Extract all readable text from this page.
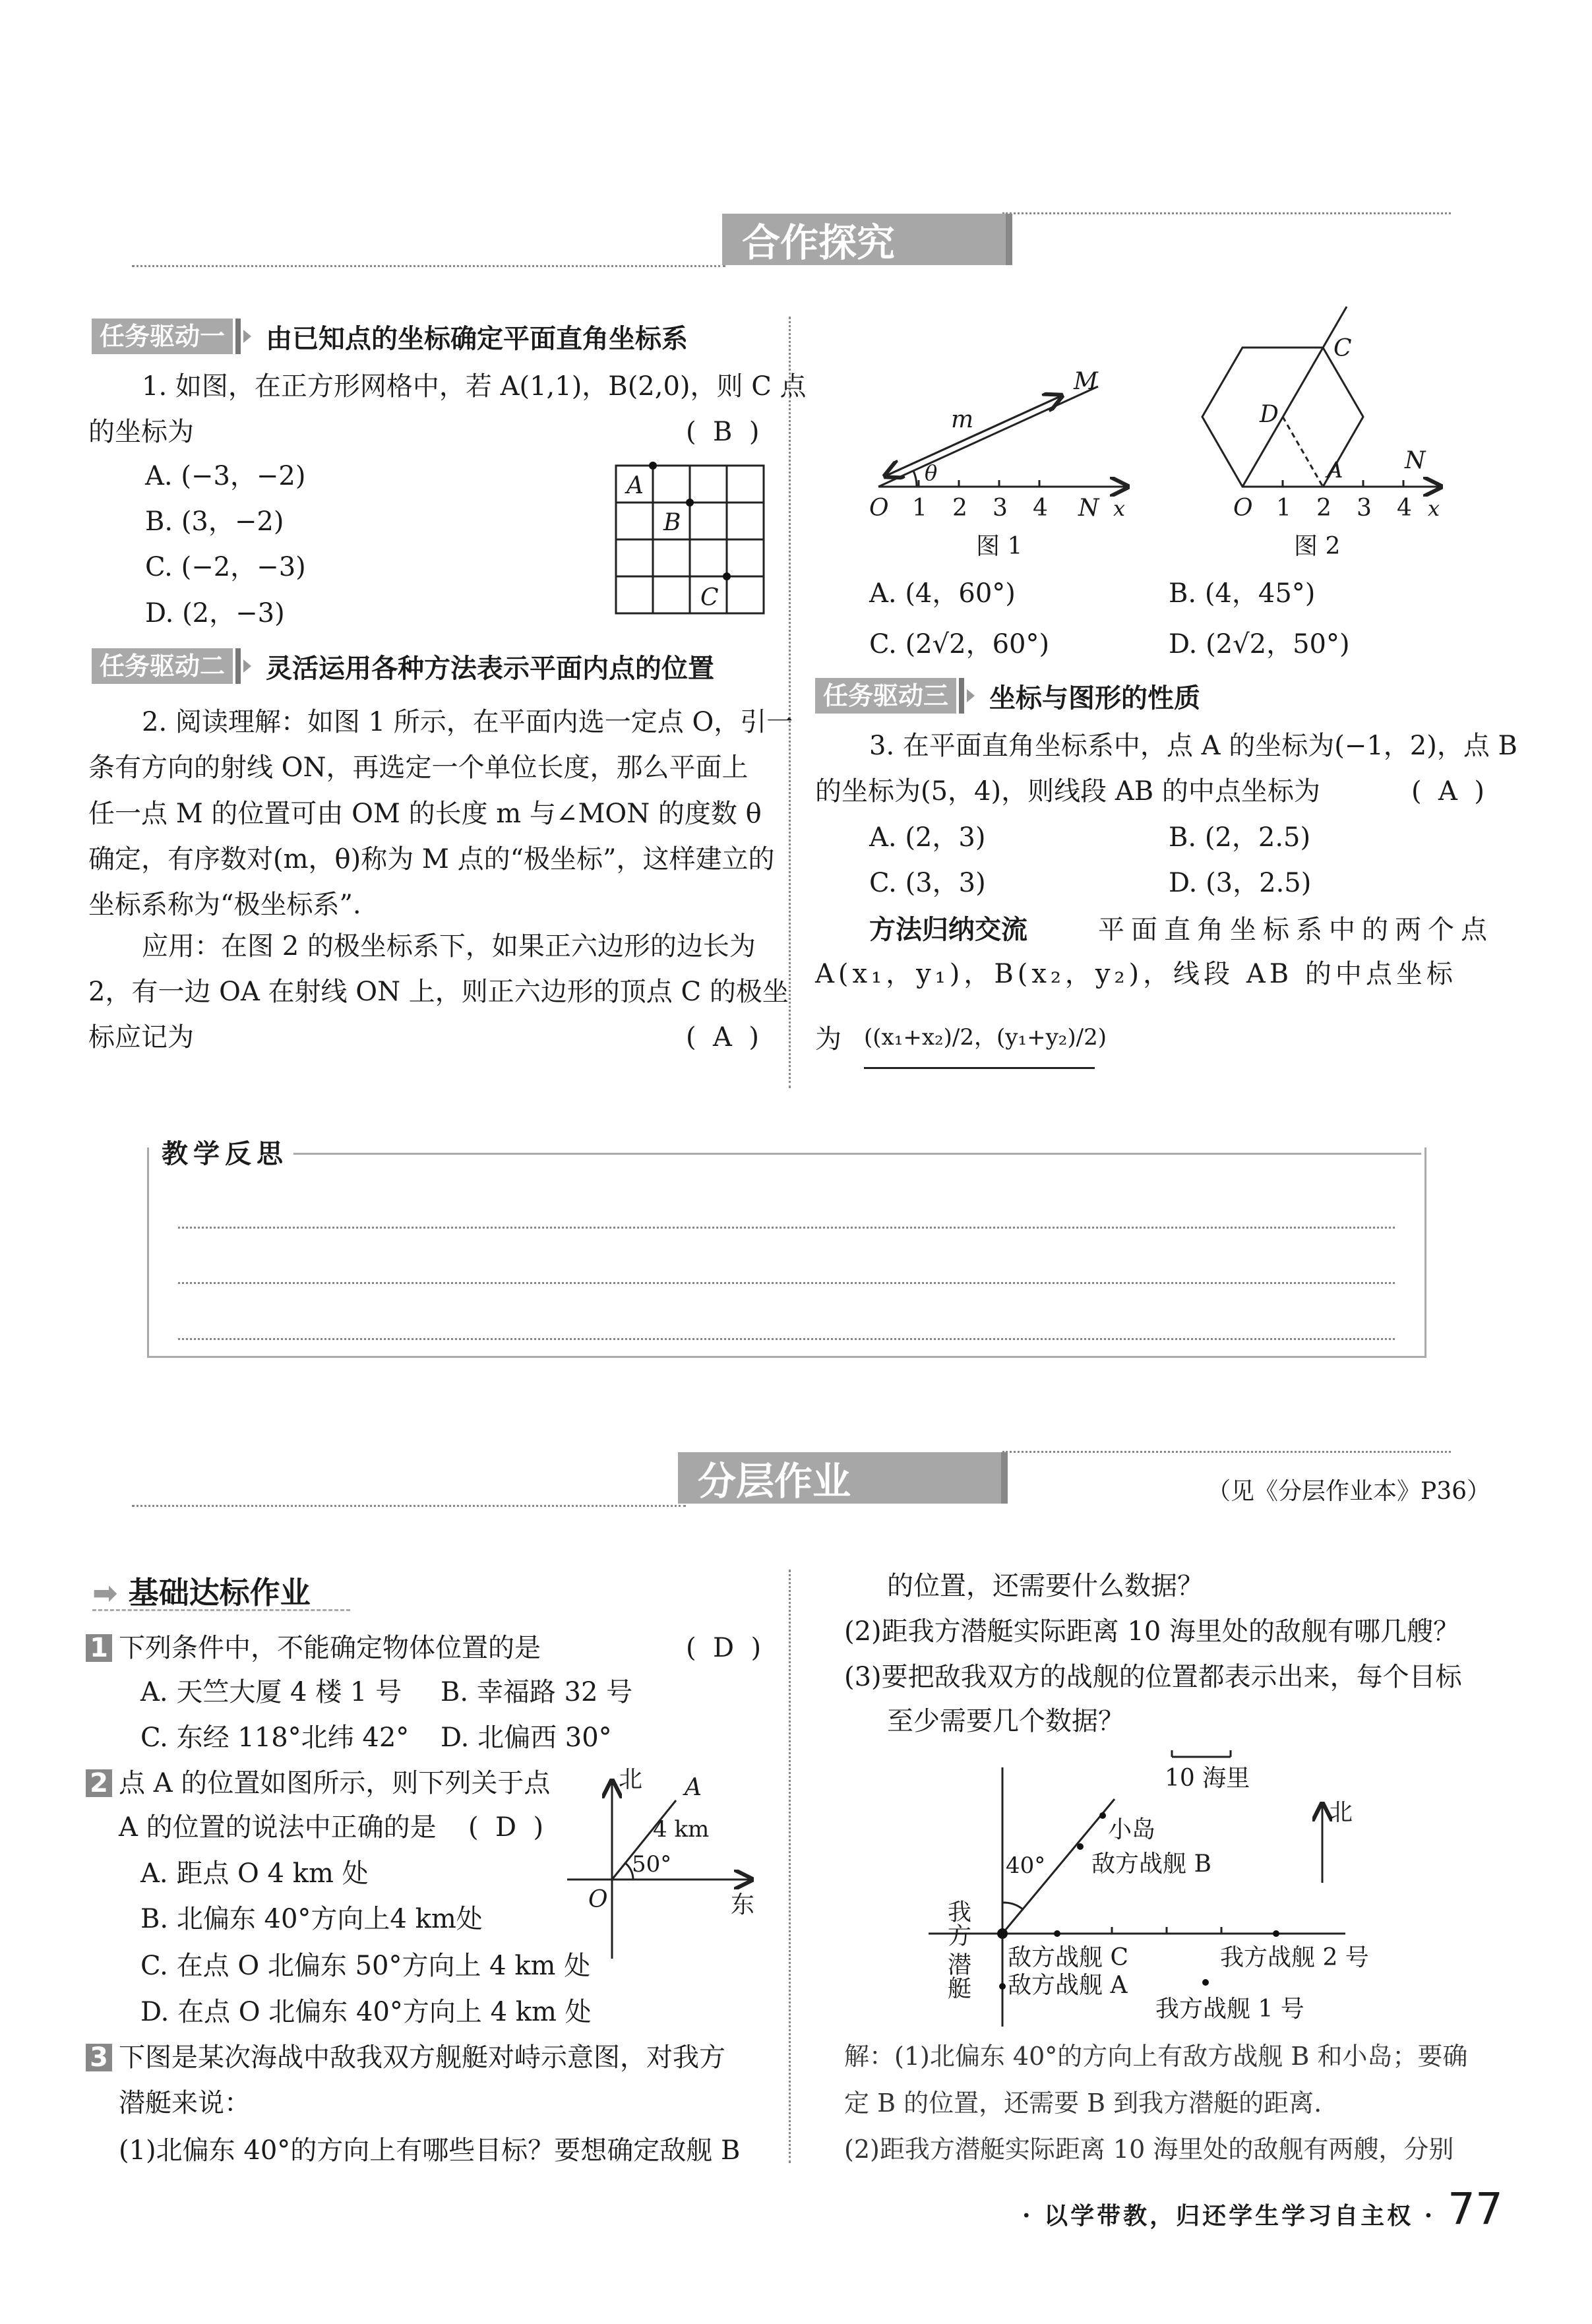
合作探究
任务驱动一	由已知点的坐标确定平面直角坐标系
1. 如图，在正方形网格中，若 A(1,1)，B(2,0)，则 C 点
的坐标为	(  B  )
A. (−3，−2)
B. (3，−2)
C. (−2，−3)
D. (2，−3)
A
B
C
任务驱动二	灵活运用各种方法表示平面内点的位置
2. 阅读理解：如图 1 所示，在平面内选一定点 O，引一
条有方向的射线 ON，再选定一个单位长度，那么平面上
任一点 M 的位置可由 OM 的长度 m 与∠MON 的度数 θ
确定，有序数对(m，θ)称为 M 点的“极坐标”，这样建立的
坐标系称为“极坐标系”.
应用：在图 2 的极坐标系下，如果正六边形的边长为
2，有一边 OA 在射线 ON 上，则正六边形的顶点 C 的极坐
标应记为	(  A  )
O 1 2 3 4 N x
M
m
θ
图 1
O 1 2 3 4 x
N
A
C
D
图 2
A. (4，60°)	B. (4，45°)
C. (2√2，60°)	D. (2√2，50°)
任务驱动三	坐标与图形的性质
3. 在平面直角坐标系中，点 A 的坐标为(−1，2)，点 B
的坐标为(5，4)，则线段 AB 的中点坐标为	(  A  )
A. (2，3)	B. (2，2.5)
C. (3，3)	D. (3，2.5)
方法归纳交流	平面直角坐标系中的两个点
A(x₁，y₁)，B(x₂，y₂)，线段 AB 的中点坐标
为 ((x₁+x₂)/2，(y₁+y₂)/2)
教学反思
分层作业	（见《分层作业本》P36）
➡ 基础达标作业
1 下列条件中，不能确定物体位置的是	(  D  )
A. 天竺大厦 4 楼 1 号 B. 幸福路 32 号
C. 东经 118°北纬 42° D. 北偏西 30°
2 点 A 的位置如图所示，则下列关于点
A 的位置的说法中正确的是 (  D  )
A. 距点 O 4 km 处
B. 北偏东 40°方向上4 km处
C. 在点 O 北偏东 50°方向上 4 km 处
D. 在点 O 北偏东 40°方向上 4 km 处
北 A
4 km
50°
O	东
3 下图是某次海战中敌我双方舰艇对峙示意图，对我方
潜艇来说：
(1)北偏东 40°的方向上有哪些目标？要想确定敌舰 B
的位置，还需要什么数据？
(2)距我方潜艇实际距离 10 海里处的敌舰有哪几艘？
(3)要把敌我双方的战舰的位置都表示出来，每个目标
至少需要几个数据？
10 海里
北
40°
小岛
敌方战舰 B
敌方战舰 C
敌方战舰 A
我方战舰 1 号
我方战舰 2 号
我方
潜艇
解：(1)北偏东 40°的方向上有敌方战舰 B 和小岛；要确
定 B 的位置，还需要 B 到我方潜艇的距离.
(2)距我方潜艇实际距离 10 海里处的敌舰有两艘，分别
· 以学带教，归还学生学习自主权 · 77
